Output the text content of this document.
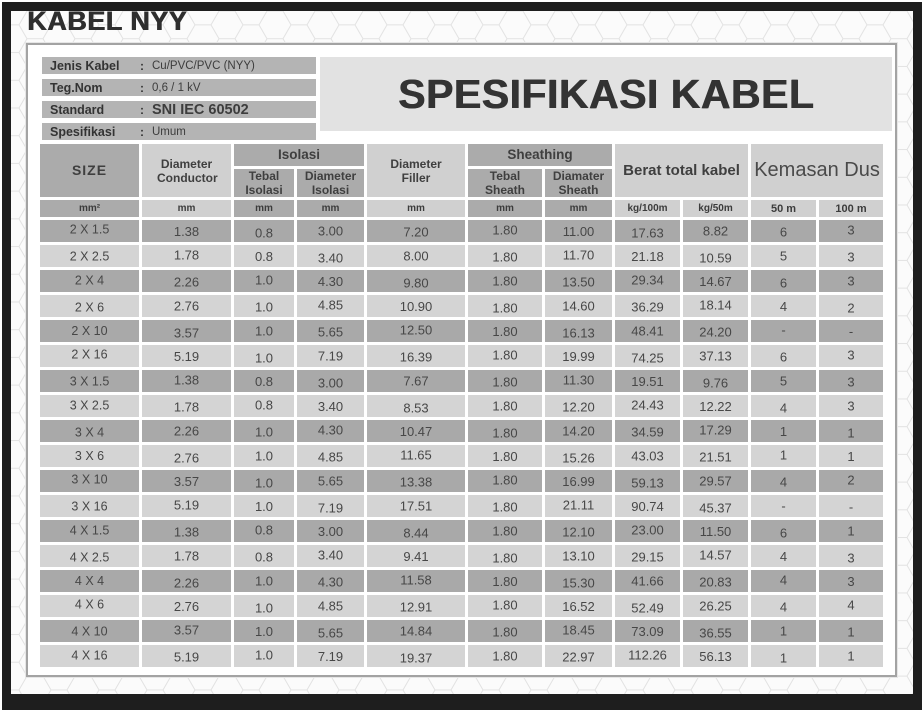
KABEL NYY
Jenis Kabel	: Cu/PVC/PVC (NYY)
Teg.Nom	: 0,6 / 1 kV
Standard	: SNI IEC 60502
Spesifikasi	: Umum
SPESIFIKASI KABEL
SIZE	Diameter Conductor	Isolasi		Diameter Filler	Sheathing		Berat total kabel		Kemasan Dus	
		Tebal Isolasi	Diameter Isolasi		Tebal Sheath	Diamater Sheath				
mm²	mm	mm	mm	mm	mm	mm	kg/100m	kg/50m	50 m	100 m
2 X 1.5	1.38	0.8	3.00	7.20	1.80	11.00	17.63	8.82	6	3
2 X 2.5	1.78	0.8	3.40	8.00	1.80	11.70	21.18	10.59	5	3
2 X 4	2.26	1.0	4.30	9.80	1.80	13.50	29.34	14.67	6	3
2 X 6	2.76	1.0	4.85	10.90	1.80	14.60	36.29	18.14	4	2
2 X 10	3.57	1.0	5.65	12.50	1.80	16.13	48.41	24.20	-	-
2 X 16	5.19	1.0	7.19	16.39	1.80	19.99	74.25	37.13	6	3
3 X 1.5	1.38	0.8	3.00	7.67	1.80	11.30	19.51	9.76	5	3
3 X 2.5	1.78	0.8	3.40	8.53	1.80	12.20	24.43	12.22	4	3
3 X 4	2.26	1.0	4.30	10.47	1.80	14.20	34.59	17.29	1	1
3 X 6	2.76	1.0	4.85	11.65	1.80	15.26	43.03	21.51	1	1
3 X 10	3.57	1.0	5.65	13.38	1.80	16.99	59.13	29.57	4	2
3 X 16	5.19	1.0	7.19	17.51	1.80	21.11	90.74	45.37	-	-
4 X 1.5	1.38	0.8	3.00	8.44	1.80	12.10	23.00	11.50	6	1
4 X 2.5	1.78	0.8	3.40	9.41	1.80	13.10	29.15	14.57	4	3
4 X 4	2.26	1.0	4.30	11.58	1.80	15.30	41.66	20.83	4	3
4 X 6	2.76	1.0	4.85	12.91	1.80	16.52	52.49	26.25	4	4
4 X 10	3.57	1.0	5.65	14.84	1.80	18.45	73.09	36.55	1	1
4 X 16	5.19	1.0	7.19	19.37	1.80	22.97	112.26	56.13	1	1
